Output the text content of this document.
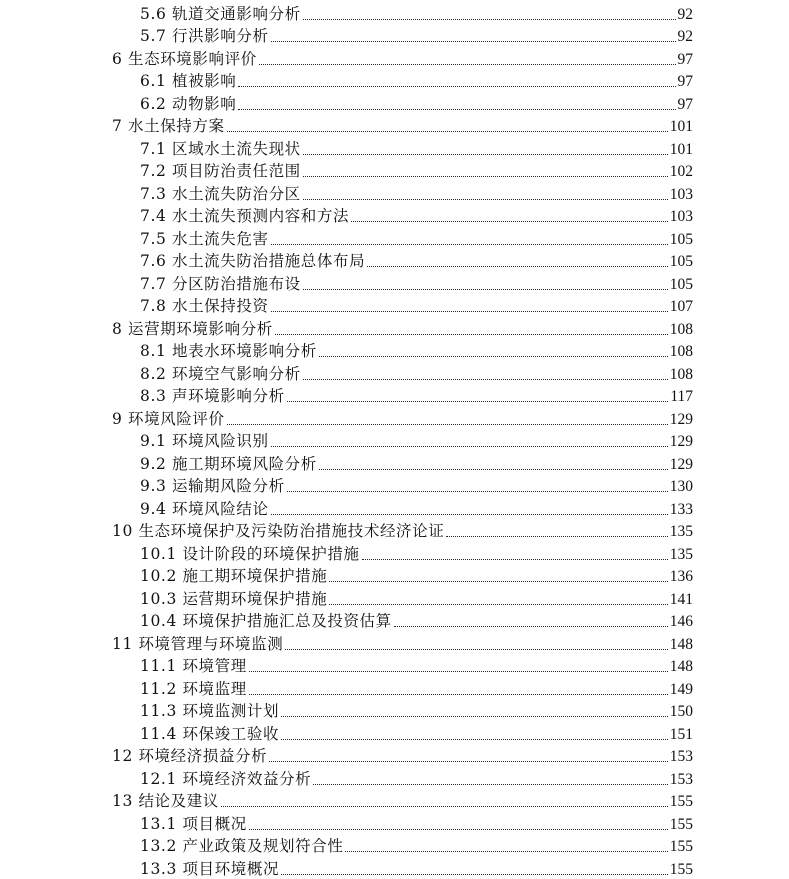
5.6 轨道交通影响分析	92
5.7 行洪影响分析	92
6 生态环境影响评价	97
6.1 植被影响	97
6.2 动物影响	97
7 水土保持方案	101
7.1 区域水土流失现状	101
7.2 项目防治责任范围	102
7.3 水土流失防治分区	103
7.4 水土流失预测内容和方法	103
7.5 水土流失危害	105
7.6 水土流失防治措施总体布局	105
7.7 分区防治措施布设	105
7.8 水土保持投资	107
8 运营期环境影响分析	108
8.1 地表水环境影响分析	108
8.2 环境空气影响分析	108
8.3 声环境影响分析	117
9 环境风险评价	129
9.1 环境风险识别	129
9.2 施工期环境风险分析	129
9.3 运输期风险分析	130
9.4 环境风险结论	133
10 生态环境保护及污染防治措施技术经济论证	135
10.1 设计阶段的环境保护措施	135
10.2 施工期环境保护措施	136
10.3 运营期环境保护措施	141
10.4 环境保护措施汇总及投资估算	146
11 环境管理与环境监测	148
11.1 环境管理	148
11.2 环境监理	149
11.3 环境监测计划	150
11.4 环保竣工验收	151
12 环境经济损益分析	153
12.1 环境经济效益分析	153
13 结论及建议	155
13.1 项目概况	155
13.2 产业政策及规划符合性	155
13.3 项目环境概况	155
